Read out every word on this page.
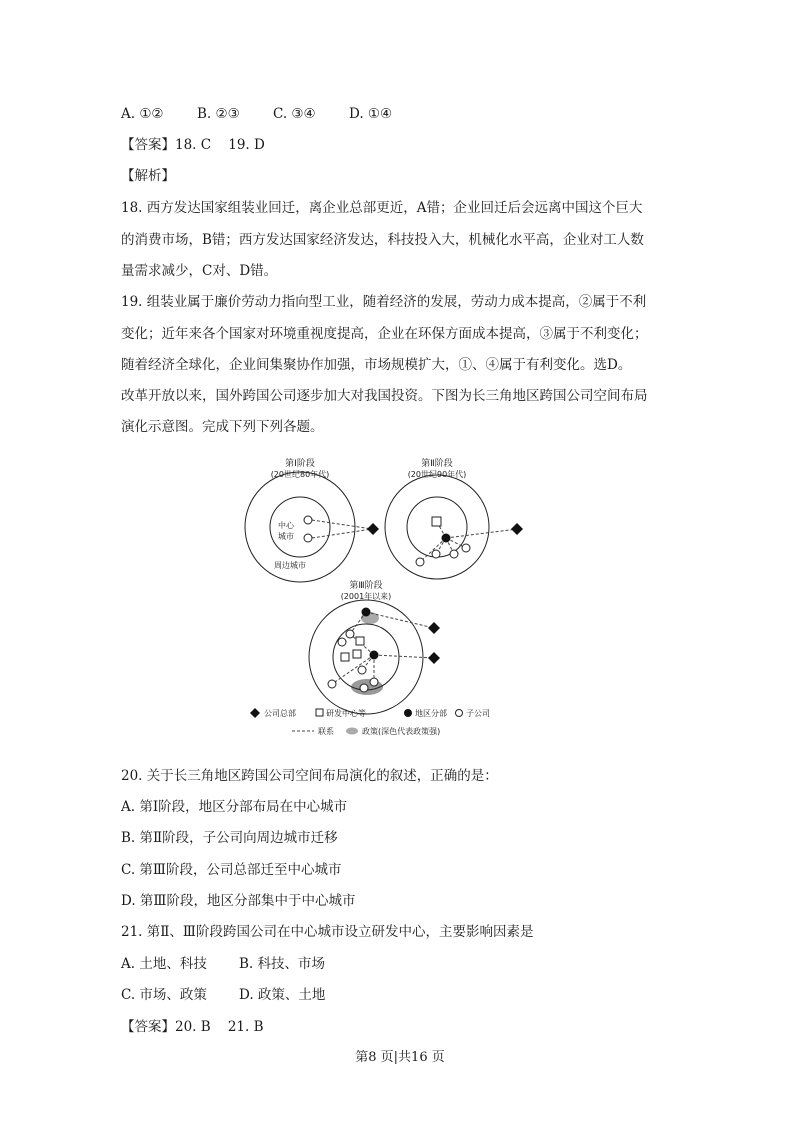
A. ①② B. ②③ C. ③④ D. ①④
【答案】18. C    19. D
【解析】
18. 西方发达国家组装业回迁，离企业总部更近，A错；企业回迁后会远离中国这个巨大
的消费市场，B错；西方发达国家经济发达，科技投入大，机械化水平高，企业对工人数
量需求减少，C对、D错。
19. 组装业属于廉价劳动力指向型工业，随着经济的发展，劳动力成本提高，②属于不利
变化；近年来各个国家对环境重视度提高，企业在环保方面成本提高，③属于不利变化；
随着经济全球化，企业间集聚协作加强，市场规模扩大，①、④属于有利变化。选D。
改革开放以来，国外跨国公司逐步加大对我国投资。下图为长三角地区跨国公司空间布局
演化示意图。完成下列下列各题。
第Ⅰ阶段
(20世纪80年代)
中心
城市
周边城市
第Ⅱ阶段
(20世纪90年代)
第Ⅲ阶段
(2001年以来)
公司总部	研发中心等	地区分部 子公司
联系	政策(深色代表政策强)
20. 关于长三角地区跨国公司空间布局演化的叙述，正确的是：
A. 第Ⅰ阶段，地区分部布局在中心城市
B. 第Ⅱ阶段，子公司向周边城市迁移
C. 第Ⅲ阶段，公司总部迁至中心城市
D. 第Ⅲ阶段，地区分部集中于中心城市
21. 第Ⅱ、Ⅲ阶段跨国公司在中心城市设立研发中心，主要影响因素是
A. 土地、科技 B. 科技、市场
C. 市场、政策 D. 政策、土地
【答案】20. B    21. B
第8 页|共16 页
